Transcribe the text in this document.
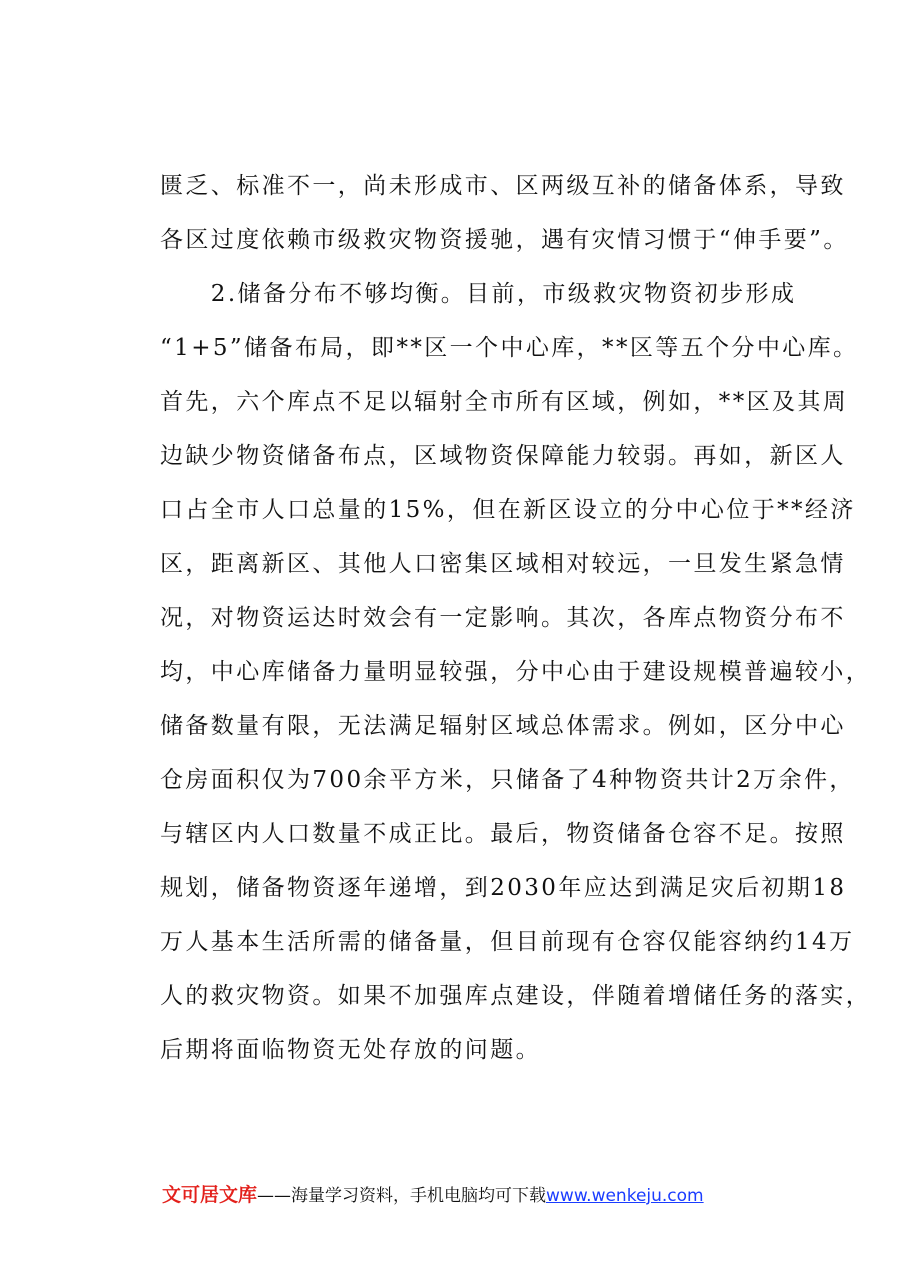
匮乏、标准不一，尚未形成市、区两级互补的储备体系，导致
各区过度依赖市级救灾物资援驰，遇有灾情习惯于“伸手要”。
　　2.储备分布不够均衡。目前，市级救灾物资初步形成
“1+5”储备布局，即**区一个中心库，**区等五个分中心库。
首先，六个库点不足以辐射全市所有区域，例如，**区及其周
边缺少物资储备布点，区域物资保障能力较弱。再如，新区人
口占全市人口总量的15%，但在新区设立的分中心位于**经济
区，距离新区、其他人口密集区域相对较远，一旦发生紧急情
况，对物资运达时效会有一定影响。其次，各库点物资分布不
均，中心库储备力量明显较强，分中心由于建设规模普遍较小，
储备数量有限，无法满足辐射区域总体需求。例如，区分中心
仓房面积仅为700余平方米，只储备了4种物资共计2万余件，
与辖区内人口数量不成正比。最后，物资储备仓容不足。按照
规划，储备物资逐年递增，到2030年应达到满足灾后初期18
万人基本生活所需的储备量，但目前现有仓容仅能容纳约14万
人的救灾物资。如果不加强库点建设，伴随着增储任务的落实，
后期将面临物资无处存放的问题。
文可居文库——海量学习资料，手机电脑均可下载www.wenkeju.com
